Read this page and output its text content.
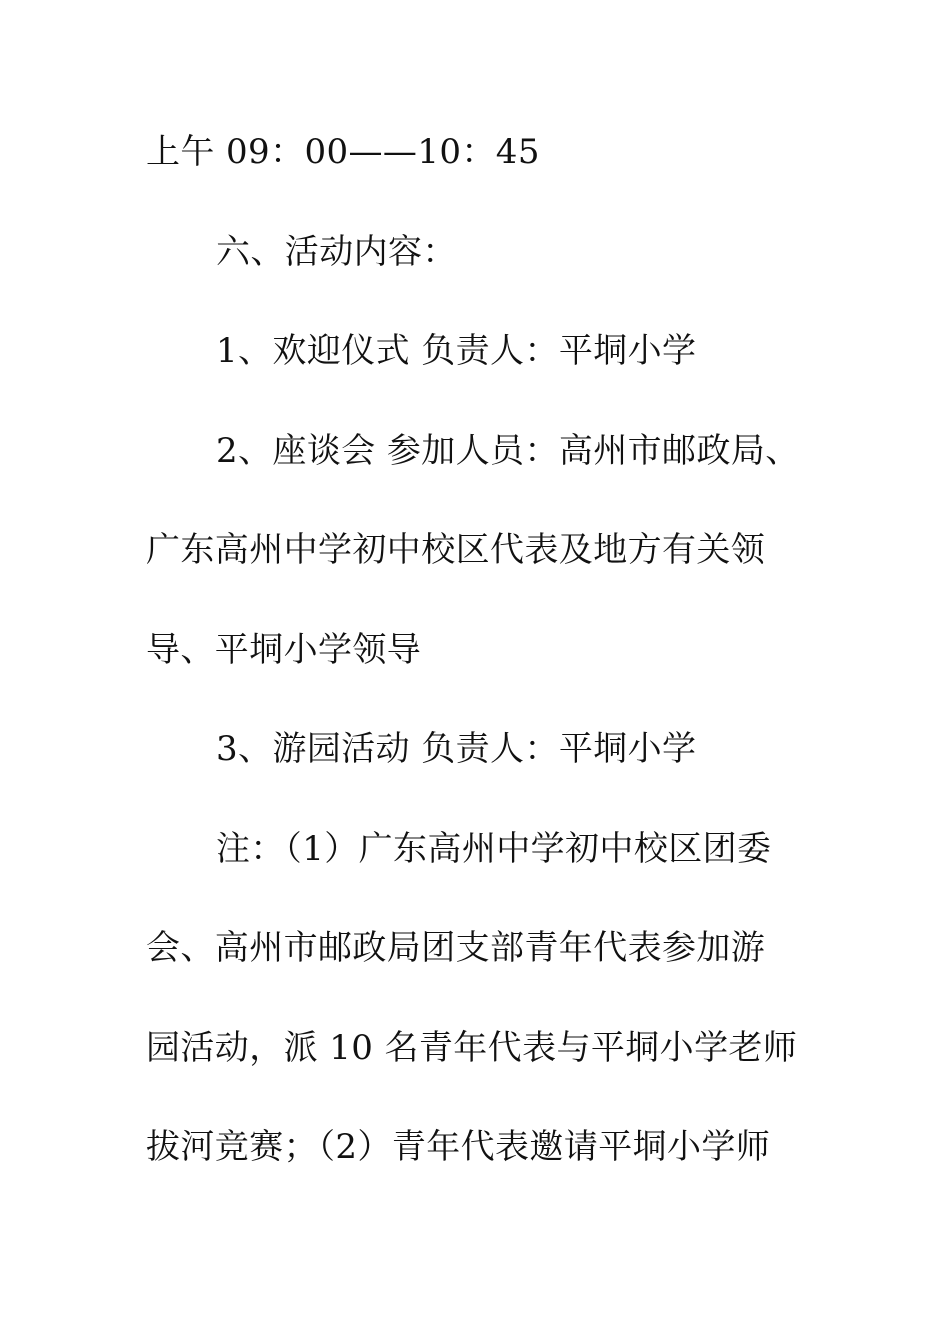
上午 09：00——10：45
六、活动内容：
1、欢迎仪式 负责人：平垌小学
2、座谈会 参加人员：高州市邮政局、
广东高州中学初中校区代表及地方有关领
导、平垌小学领导
3、游园活动 负责人：平垌小学
注：（1）广东高州中学初中校区团委
会、高州市邮政局团支部青年代表参加游
园活动，派 10 名青年代表与平垌小学老师
拔河竞赛；（2）青年代表邀请平垌小学师
